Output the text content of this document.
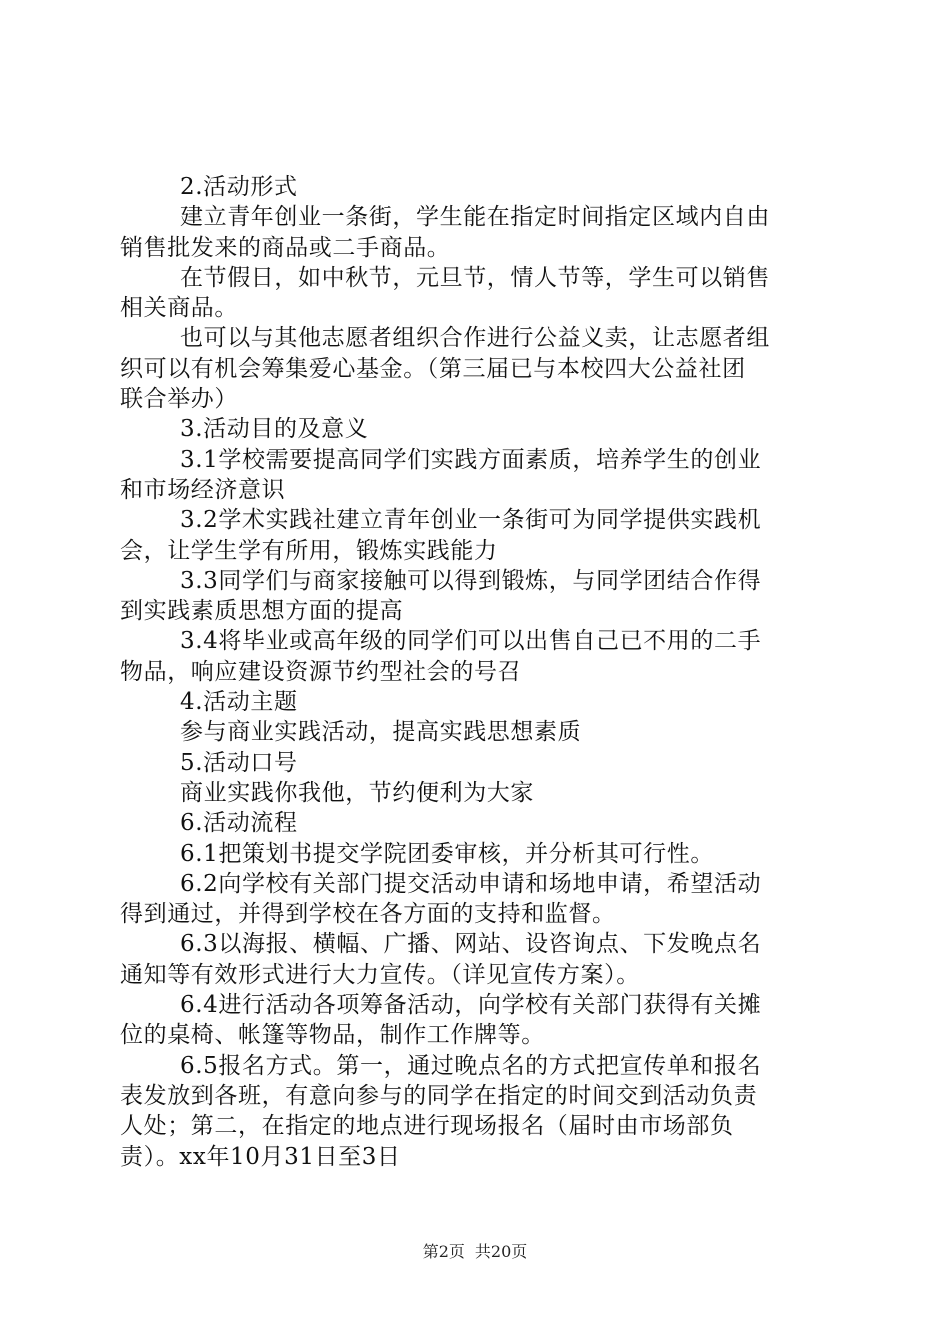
2.活动形式
建立青年创业一条街，学生能在指定时间指定区域内自由
销售批发来的商品或二手商品。
在节假日，如中秋节，元旦节，情人节等，学生可以销售
相关商品。
也可以与其他志愿者组织合作进行公益义卖，让志愿者组
织可以有机会筹集爱心基金。（第三届已与本校四大公益社团
联合举办）
3.活动目的及意义
3.1学校需要提高同学们实践方面素质，培养学生的创业
和市场经济意识
3.2学术实践社建立青年创业一条街可为同学提供实践机
会，让学生学有所用，锻炼实践能力
3.3同学们与商家接触可以得到锻炼，与同学团结合作得
到实践素质思想方面的提高
3.4将毕业或高年级的同学们可以出售自己已不用的二手
物品，响应建设资源节约型社会的号召
4.活动主题
参与商业实践活动，提高实践思想素质
5.活动口号
商业实践你我他，节约便利为大家
6.活动流程
6.1把策划书提交学院团委审核，并分析其可行性。
6.2向学校有关部门提交活动申请和场地申请，希望活动
得到通过，并得到学校在各方面的支持和监督。
6.3以海报、横幅、广播、网站、设咨询点、下发晚点名
通知等有效形式进行大力宣传。（详见宣传方案）。
6.4进行活动各项筹备活动，向学校有关部门获得有关摊
位的桌椅、帐篷等物品，制作工作牌等。
6.5报名方式。第一，通过晚点名的方式把宣传单和报名
表发放到各班，有意向参与的同学在指定的时间交到活动负责
人处；第二，在指定的地点进行现场报名（届时由市场部负
责）。xx年10月31日至3日
第2页 共20页
